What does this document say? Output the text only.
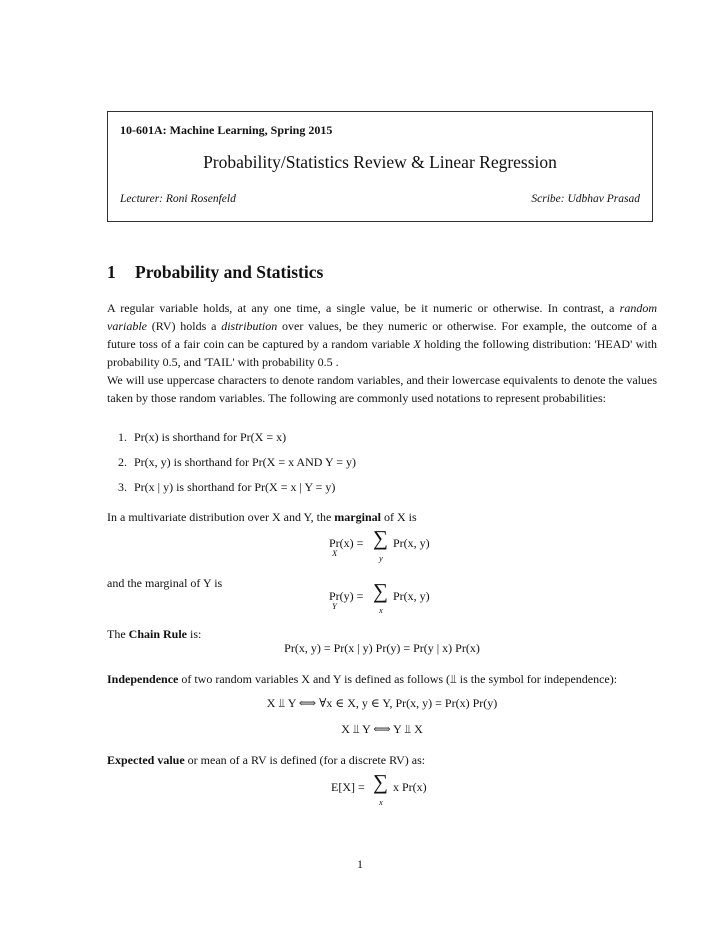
10-601A: Machine Learning, Spring 2015
Probability/Statistics Review & Linear Regression
Lecturer: Roni Rosenfeld	Scribe: Udbhav Prasad
1 Probability and Statistics

A regular variable holds, at any one time, a single value, be it numeric or otherwise. In contrast, a random variable (RV) holds a distribution over values, be they numeric or otherwise. For example, the outcome of a future toss of a fair coin can be captured by a random variable X holding the following distribution: 'HEAD' with probability 0.5, and 'TAIL' with probability 0.5 .

We will use uppercase characters to denote random variables, and their lowercase equivalents to denote the values taken by those random variables. The following are commonly used notations to represent probabilities:

1. Pr(x) is shorthand for Pr(X = x)
2. Pr(x, y) is shorthand for Pr(X = x AND Y = y)
3. Pr(x | y) is shorthand for Pr(X = x | Y = y)
In a multivariate distribution over X and Y, the marginal of X is
Pr(x) =
X
∑
y
Pr(x, y)
and the marginal of Y is
Pr(y) =
Y
∑
x
Pr(x, y)
The Chain Rule is:
Pr(x, y) = Pr(x | y) Pr(y) = Pr(y | x) Pr(x)
Independence of two random variables X and Y is defined as follows (⫫ is the symbol for independence):
X ⫫ Y ⟺ ∀x ∈ X, y ∈ Y, Pr(x, y) = Pr(x) Pr(y)
X ⫫ Y ⟺ Y ⫫ X
Expected value or mean of a RV is defined (for a discrete RV) as:
E[X] = ∑
x
x Pr(x)
1
